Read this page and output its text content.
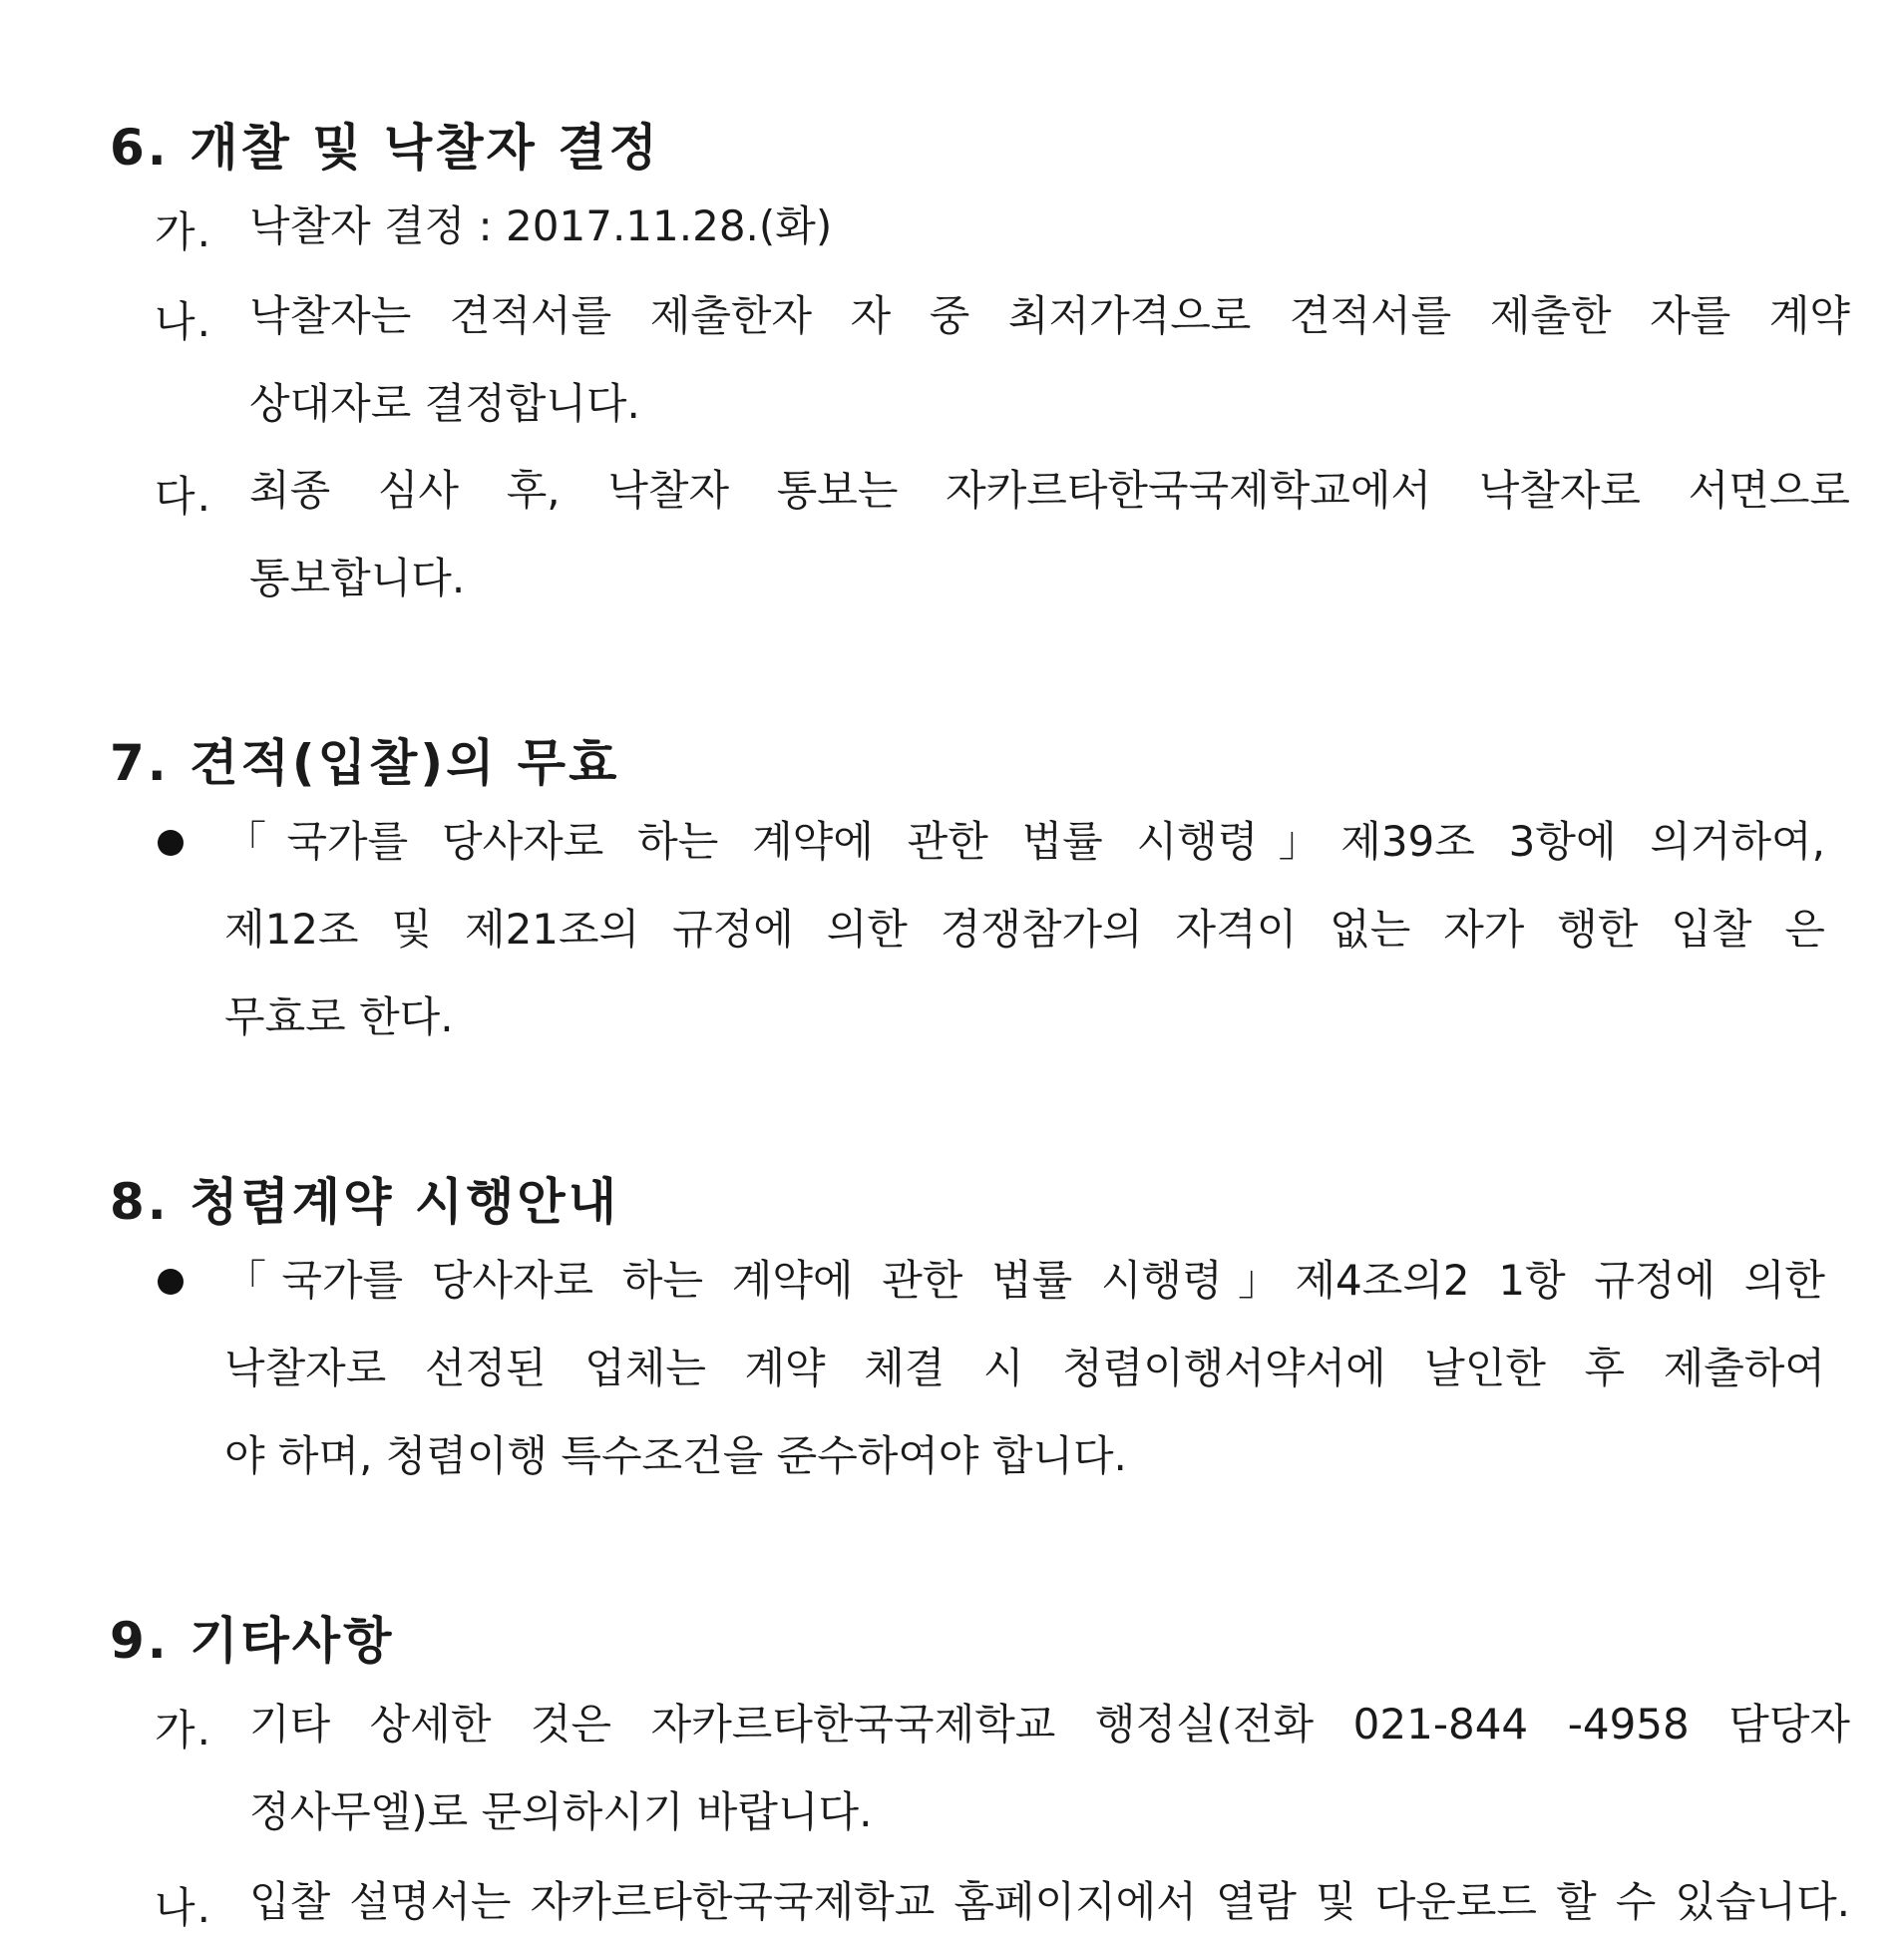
6. 개찰 및 낙찰자 결정
가. 낙찰자 결정 : 2017.11.28.(화)
나. 낙찰자는 견적서를 제출한자 자 중 최저가격으로 견적서를 제출한 자를 계약
상대자로 결정합니다.
다. 최종 심사 후, 낙찰자 통보는 자카르타한국국제학교에서 낙찰자로 서면으로
통보합니다.
7. 견적(입찰)의 무효
「국가를 당사자로 하는 계약에 관한 법률 시행령」제39조 3항에 의거하여,
제12조 및 제21조의 규정에 의한 경쟁참가의 자격이 없는 자가 행한 입찰 은
무효로 한다.
8. 청렴계약 시행안내
「국가를 당사자로 하는 계약에 관한 법률 시행령」제4조의2 1항 규정에 의한
낙찰자로 선정된 업체는 계약 체결 시 청렴이행서약서에 날인한 후 제출하여
야 하며, 청렴이행 특수조건을 준수하여야 합니다.
9. 기타사항
가. 기타 상세한 것은 자카르타한국국제학교 행정실(전화 021-844 -4958 담당자
정사무엘)로 문의하시기 바랍니다.
나. 입찰 설명서는 자카르타한국국제학교 홈페이지에서 열람 및 다운로드 할 수 있습니다.
